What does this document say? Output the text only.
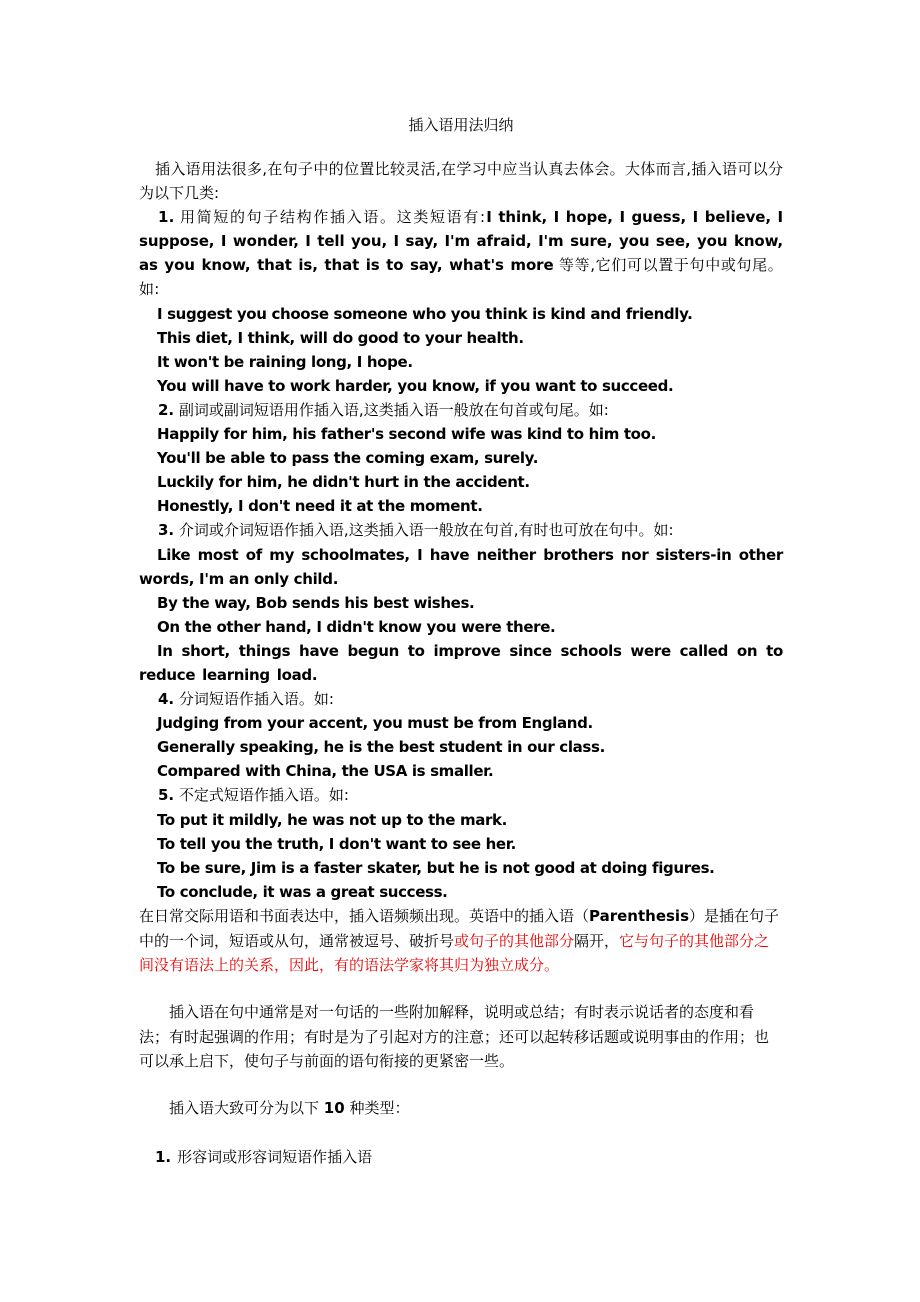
插入语用法归纳

插入语用法很多,在句子中的位置比较灵活,在学习中应当认真去体会。大体而言,插入语可以分为以下几类:

1. 用简短的句子结构作插入语。这类短语有:I think, I hope, I guess, I believe, I suppose, I wonder, I tell you, I say, I'm afraid, I'm sure, you see, you know, as you know, that is, that is to say, what's more 等等,它们可以置于句中或句尾。如:

I suggest you choose someone who you think is kind and friendly.
This diet, I think, will do good to your health.
It won't be raining long, I hope.
You will have to work harder, you know, if you want to succeed.
2. 副词或副词短语用作插入语,这类插入语一般放在句首或句尾。如:
Happily for him, his father's second wife was kind to him too.
You'll be able to pass the coming exam, surely.
Luckily for him, he didn't hurt in the accident.
Honestly, I don't need it at the moment.
3. 介词或介词短语作插入语,这类插入语一般放在句首,有时也可放在句中。如:

Like most of my schoolmates, I have neither brothers nor sisters-in other words, I'm an only child.

By the way, Bob sends his best wishes.
On the other hand, I didn't know you were there.

In short, things have begun to improve since schools were called on to reduce learning load.

4. 分词短语作插入语。如:
Judging from your accent, you must be from England.
Generally speaking, he is the best student in our class.
Compared with China, the USA is smaller.
5. 不定式短语作插入语。如:
To put it mildly, he was not up to the mark.
To tell you the truth, I don't want to see her.
To be sure, Jim is a faster skater, but he is not good at doing figures.
To conclude, it was a great success.

在日常交际用语和书面表达中，插入语频频出现。英语中的插入语（Parenthesis）是插在句子中的一个词，短语或从句，通常被逗号、破折号或句子的其他部分隔开，它与句子的其他部分之间没有语法上的关系，因此，有的语法学家将其归为独立成分。

插入语在句中通常是对一句话的一些附加解释，说明或总结；有时表示说话者的态度和看法；有时起强调的作用；有时是为了引起对方的注意；还可以起转移话题或说明事由的作用；也可以承上启下，使句子与前面的语句衔接的更紧密一些。

插入语大致可分为以下 10 种类型：
1. 形容词或形容词短语作插入语
